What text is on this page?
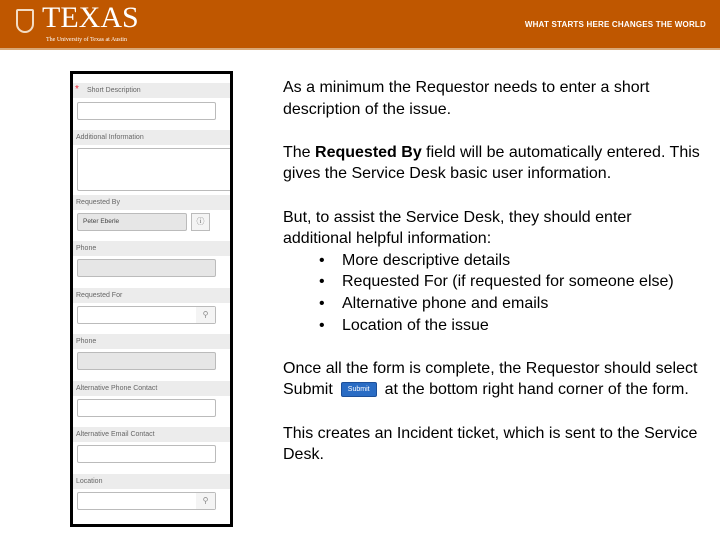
TEXAS
The University of Texas at Austin
WHAT STARTS HERE CHANGES THE WORLD
* Short Description
Additional Information
Requested By
Peter Eberle	ⓘ
Phone
Requested For
⚲
Phone
Alternative Phone Contact
Alternative Email Contact
Location
⚲
As a minimum the Requestor needs to enter a short description of the issue.
The Requested By field will be automatically entered. This gives the Service Desk basic user information.
But, to assist the Service Desk, they should enter additional helpful information:
• More descriptive details
• Requested For (if requested for someone else)
• Alternative phone and emails
• Location of the issue
Once all the form is complete, the Requestor should select Submit Submit at the bottom right hand corner of the form.
This creates an Incident ticket, which is sent to the Service Desk.
